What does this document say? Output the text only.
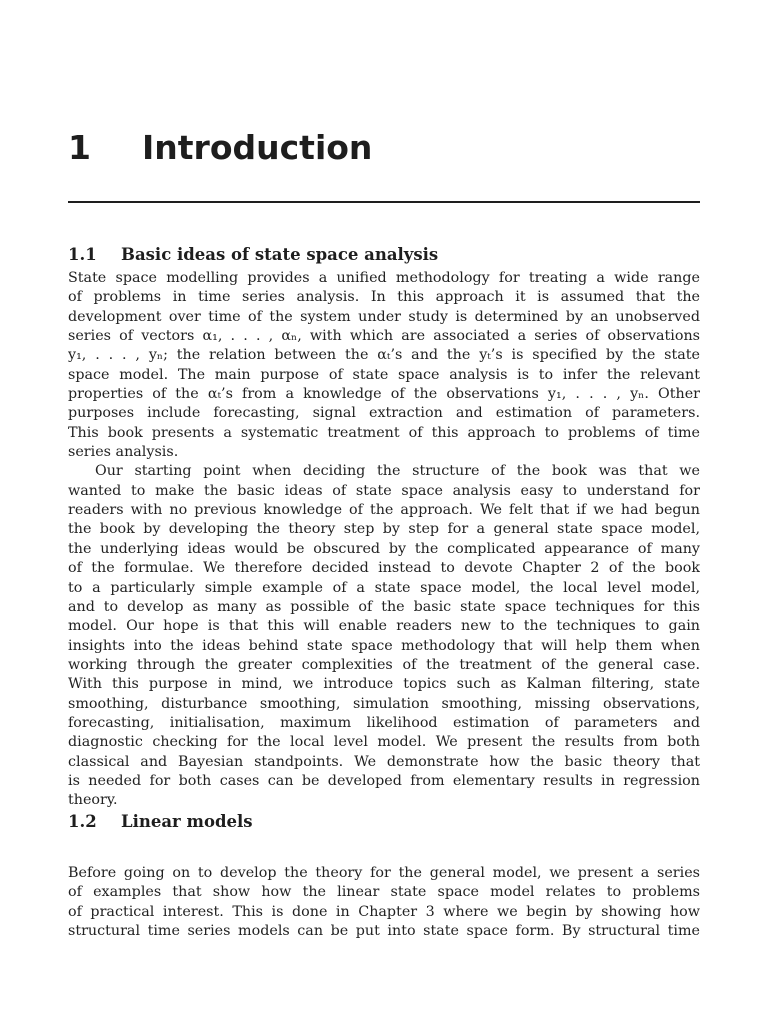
1 Introduction
1.1 Basic ideas of state space analysis
State space modelling provides a unified methodology for treating a wide range
of problems in time series analysis. In this approach it is assumed that the
development over time of the system under study is determined by an unobserved
series of vectors α₁, . . . , αₙ, with which are associated a series of observations
y₁, . . . , yₙ; the relation between the αₜ’s and the yₜ’s is specified by the state
space model. The main purpose of state space analysis is to infer the relevant
properties of the αₜ’s from a knowledge of the observations y₁, . . . , yₙ. Other
purposes include forecasting, signal extraction and estimation of parameters.
This book presents a systematic treatment of this approach to problems of time
series analysis.
Our starting point when deciding the structure of the book was that we
wanted to make the basic ideas of state space analysis easy to understand for
readers with no previous knowledge of the approach. We felt that if we had begun
the book by developing the theory step by step for a general state space model,
the underlying ideas would be obscured by the complicated appearance of many
of the formulae. We therefore decided instead to devote Chapter 2 of the book
to a particularly simple example of a state space model, the local level model,
and to develop as many as possible of the basic state space techniques for this
model. Our hope is that this will enable readers new to the techniques to gain
insights into the ideas behind state space methodology that will help them when
working through the greater complexities of the treatment of the general case.
With this purpose in mind, we introduce topics such as Kalman filtering, state
smoothing, disturbance smoothing, simulation smoothing, missing observations,
forecasting, initialisation, maximum likelihood estimation of parameters and
diagnostic checking for the local level model. We present the results from both
classical and Bayesian standpoints. We demonstrate how the basic theory that
is needed for both cases can be developed from elementary results in regression
theory.
1.2 Linear models
Before going on to develop the theory for the general model, we present a series
of examples that show how the linear state space model relates to problems
of practical interest. This is done in Chapter 3 where we begin by showing how
structural time series models can be put into state space form. By structural time
